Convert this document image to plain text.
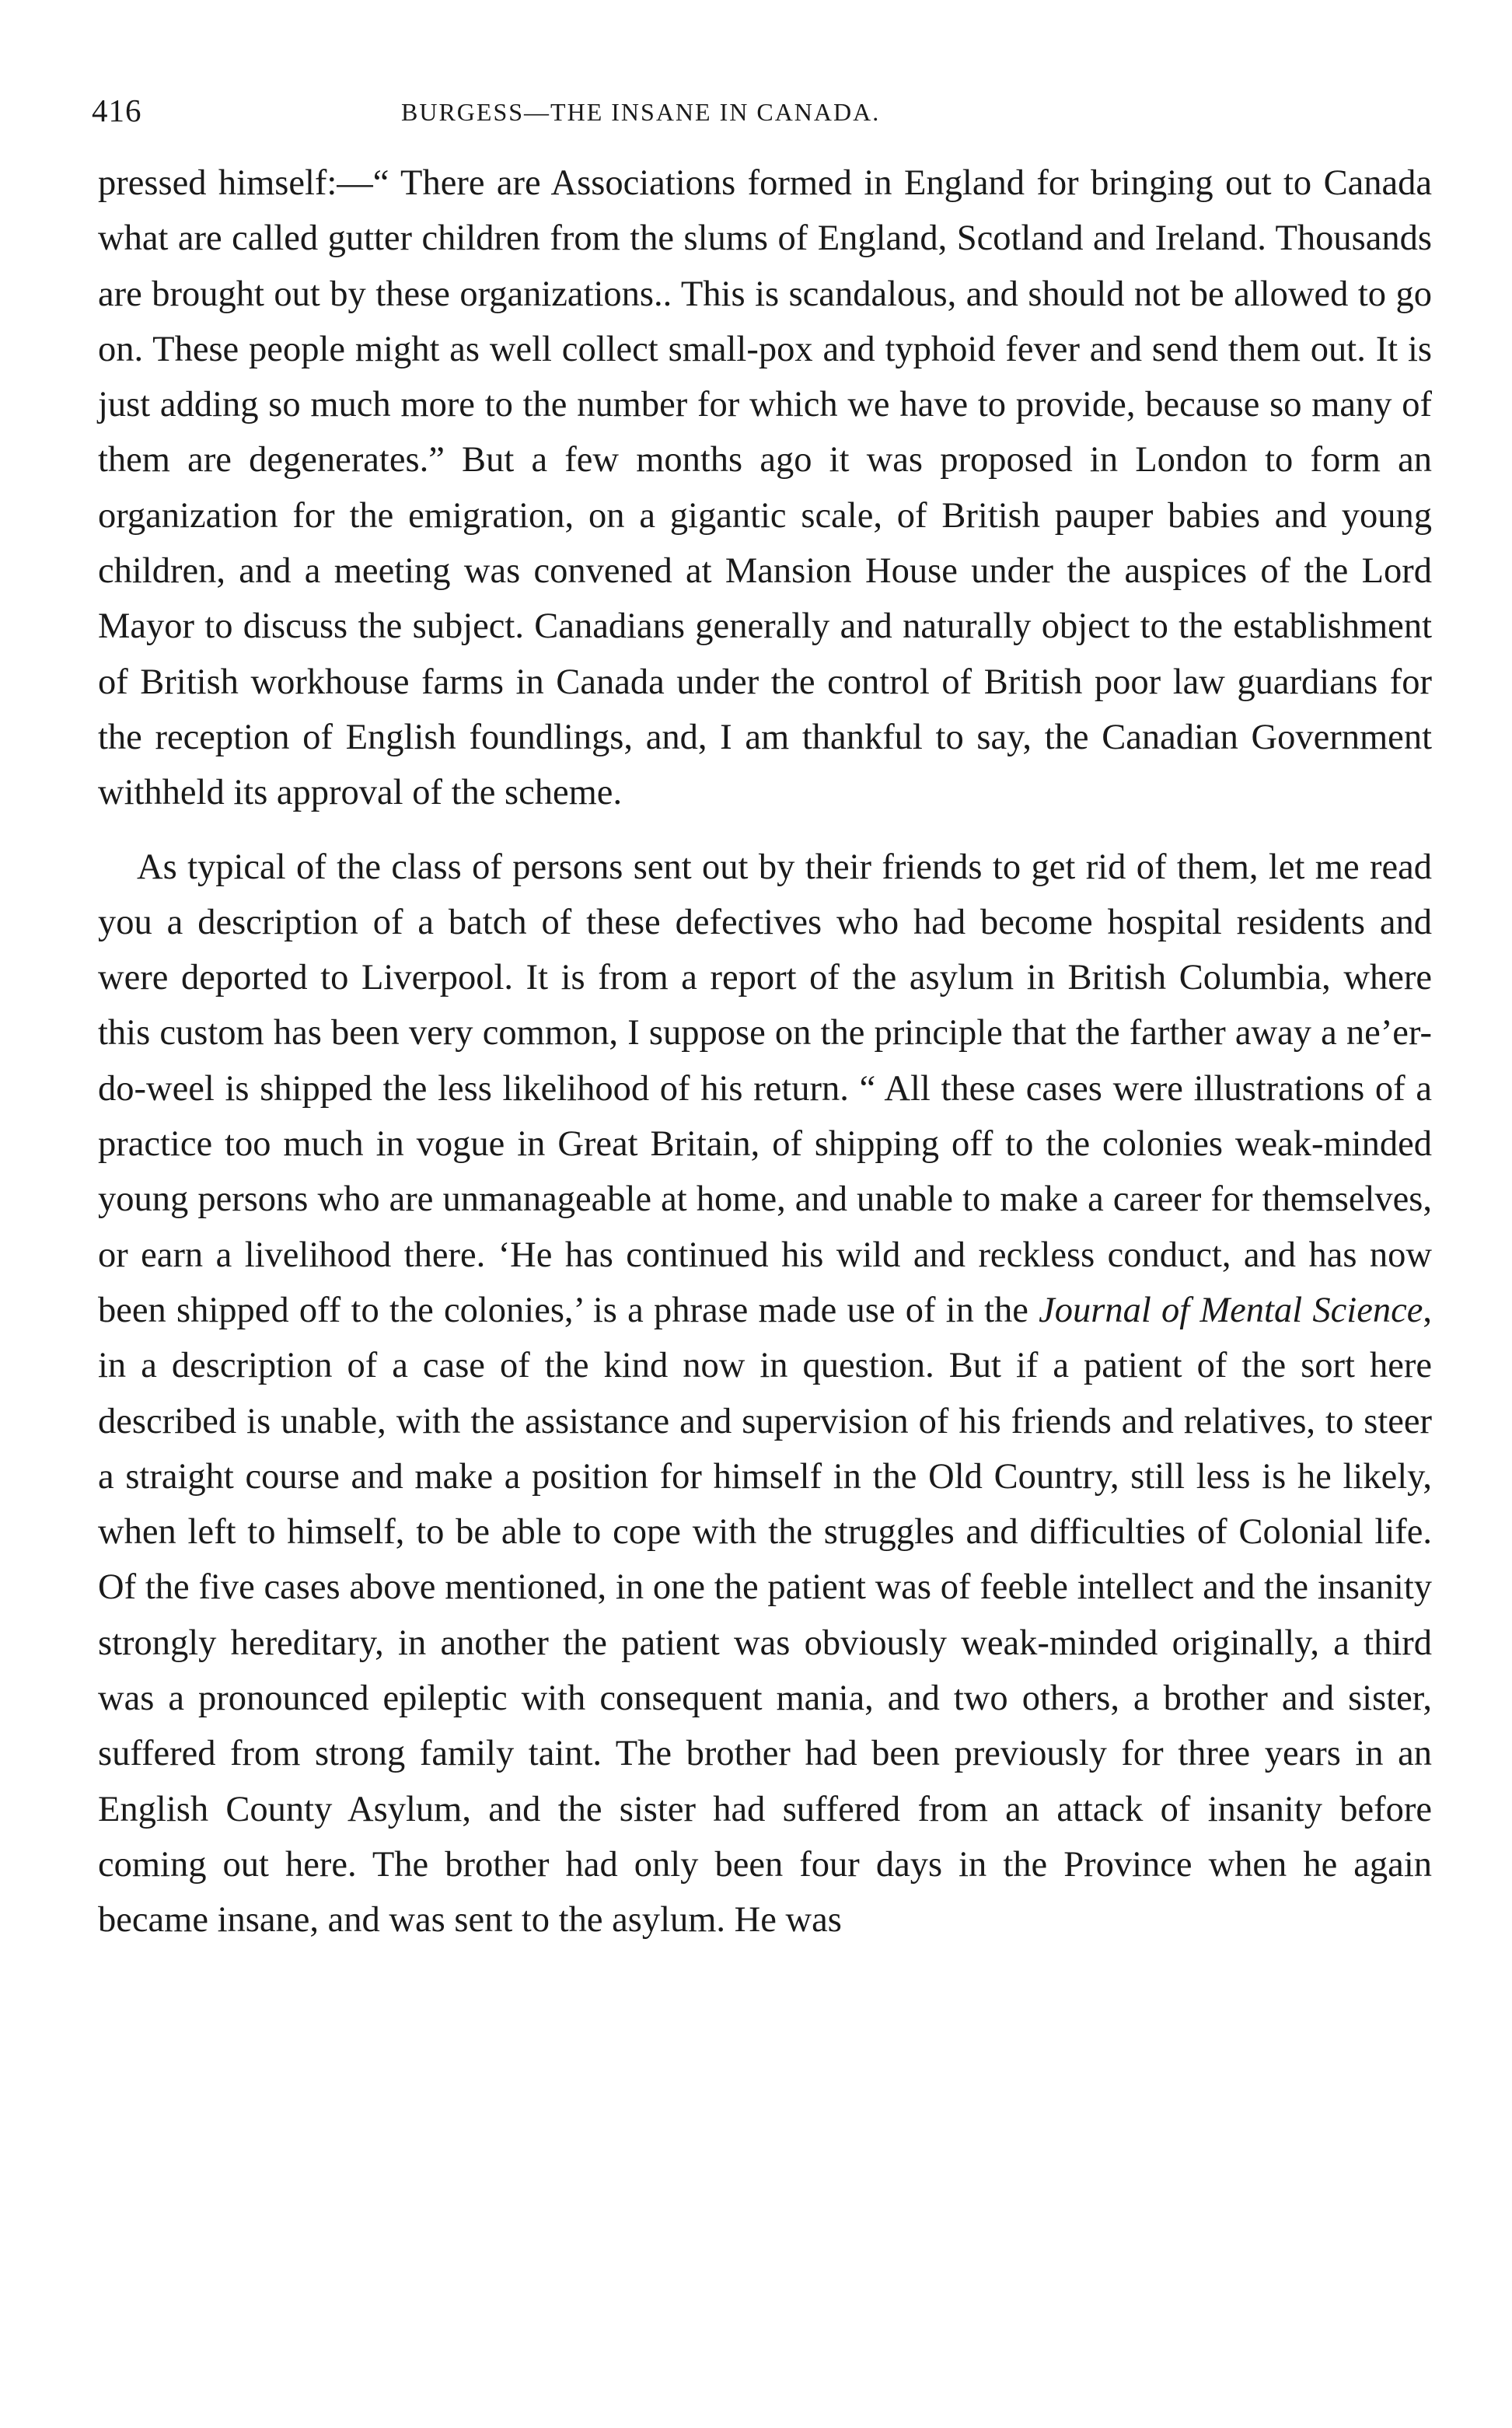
416	BURGESS—THE INSANE IN CANADA.

pressed himself:—“ There are Associations formed in England for bringing out to Canada what are called gutter children from the slums of England, Scotland and Ireland. Thousands are brought out by these organizations.. This is scandalous, and should not be allowed to go on. These people might as well collect small-pox and typhoid fever and send them out. It is just adding so much more to the number for which we have to provide, because so many of them are degenerates.” But a few months ago it was proposed in London to form an organization for the emigration, on a gigantic scale, of British pauper babies and young children, and a meeting was convened at Mansion House under the auspices of the Lord Mayor to discuss the subject. Canadians generally and naturally object to the establishment of British workhouse farms in Canada under the control of British poor law guardians for the reception of English foundlings, and, I am thankful to say, the Canadian Government withheld its approval of the scheme.

As typical of the class of persons sent out by their friends to get rid of them, let me read you a description of a batch of these defectives who had become hospital residents and were deported to Liverpool. It is from a report of the asylum in British Columbia, where this custom has been very common, I suppose on the principle that the farther away a ne’er-do-weel is shipped the less likelihood of his return. “ All these cases were illustrations of a practice too much in vogue in Great Britain, of shipping off to the colonies weak-minded young persons who are unmanageable at home, and unable to make a career for themselves, or earn a livelihood there. ‘He has continued his wild and reckless conduct, and has now been shipped off to the colonies,’ is a phrase made use of in the Journal of Mental Science, in a description of a case of the kind now in question. But if a patient of the sort here described is unable, with the assistance and supervision of his friends and relatives, to steer a straight course and make a position for himself in the Old Country, still less is he likely, when left to himself, to be able to cope with the struggles and difficulties of Colonial life. Of the five cases above mentioned, in one the patient was of feeble intellect and the insanity strongly hereditary, in another the patient was obviously weak-minded originally, a third was a pronounced epileptic with consequent mania, and two others, a brother and sister, suffered from strong family taint. The brother had been previously for three years in an English County Asylum, and the sister had suffered from an attack of insanity before coming out here. The brother had only been four days in the Province when he again became insane, and was sent to the asylum. He was
